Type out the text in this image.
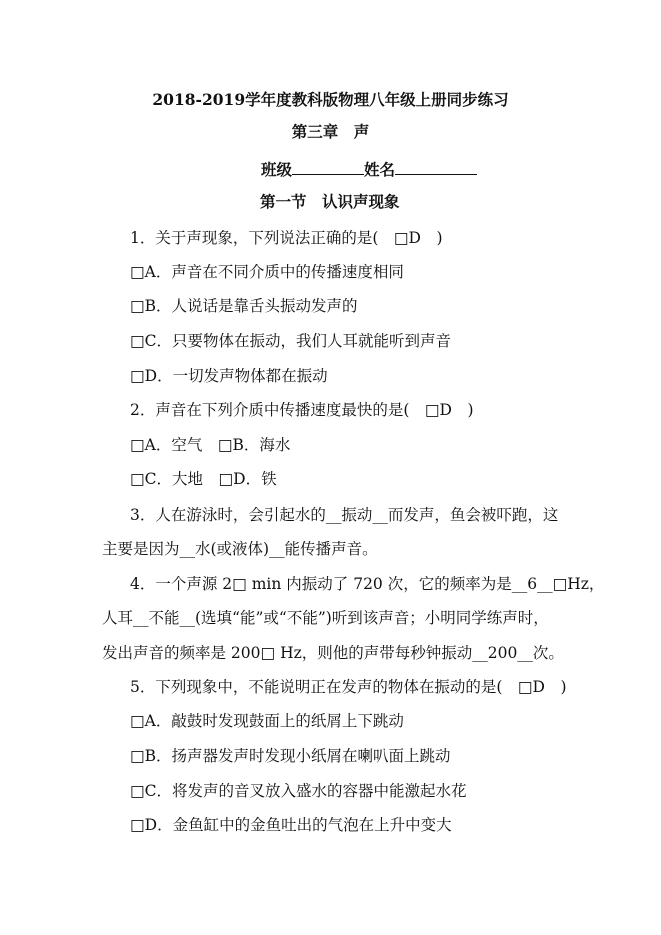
2018-2019学年度教科版物理八年级上册同步练习
第三章　声
班级	姓名
第一节　认识声现象
1．关于声现象，下列说法正确的是(　□D　)
□A．声音在不同介质中的传播速度相同
□B．人说话是靠舌头振动发声的
□C．只要物体在振动，我们人耳就能听到声音
□D．一切发声物体都在振动
2．声音在下列介质中传播速度最快的是(　□D　)
□A．空气　□B．海水
□C．大地　□D．铁
3．人在游泳时，会引起水的__振动__而发声，鱼会被吓跑，这
主要是因为__水(或液体)__能传播声音。
4．一个声源 2□ min 内振动了 720 次，它的频率为是__6__□Hz，
人耳__不能__(选填“能”或“不能”)听到该声音；小明同学练声时，
发出声音的频率是 200□ Hz，则他的声带每秒钟振动__200__次。
5．下列现象中，不能说明正在发声的物体在振动的是(　□D　)
□A．敲鼓时发现鼓面上的纸屑上下跳动
□B．扬声器发声时发现小纸屑在喇叭面上跳动
□C．将发声的音叉放入盛水的容器中能激起水花
□D．金鱼缸中的金鱼吐出的气泡在上升中变大
